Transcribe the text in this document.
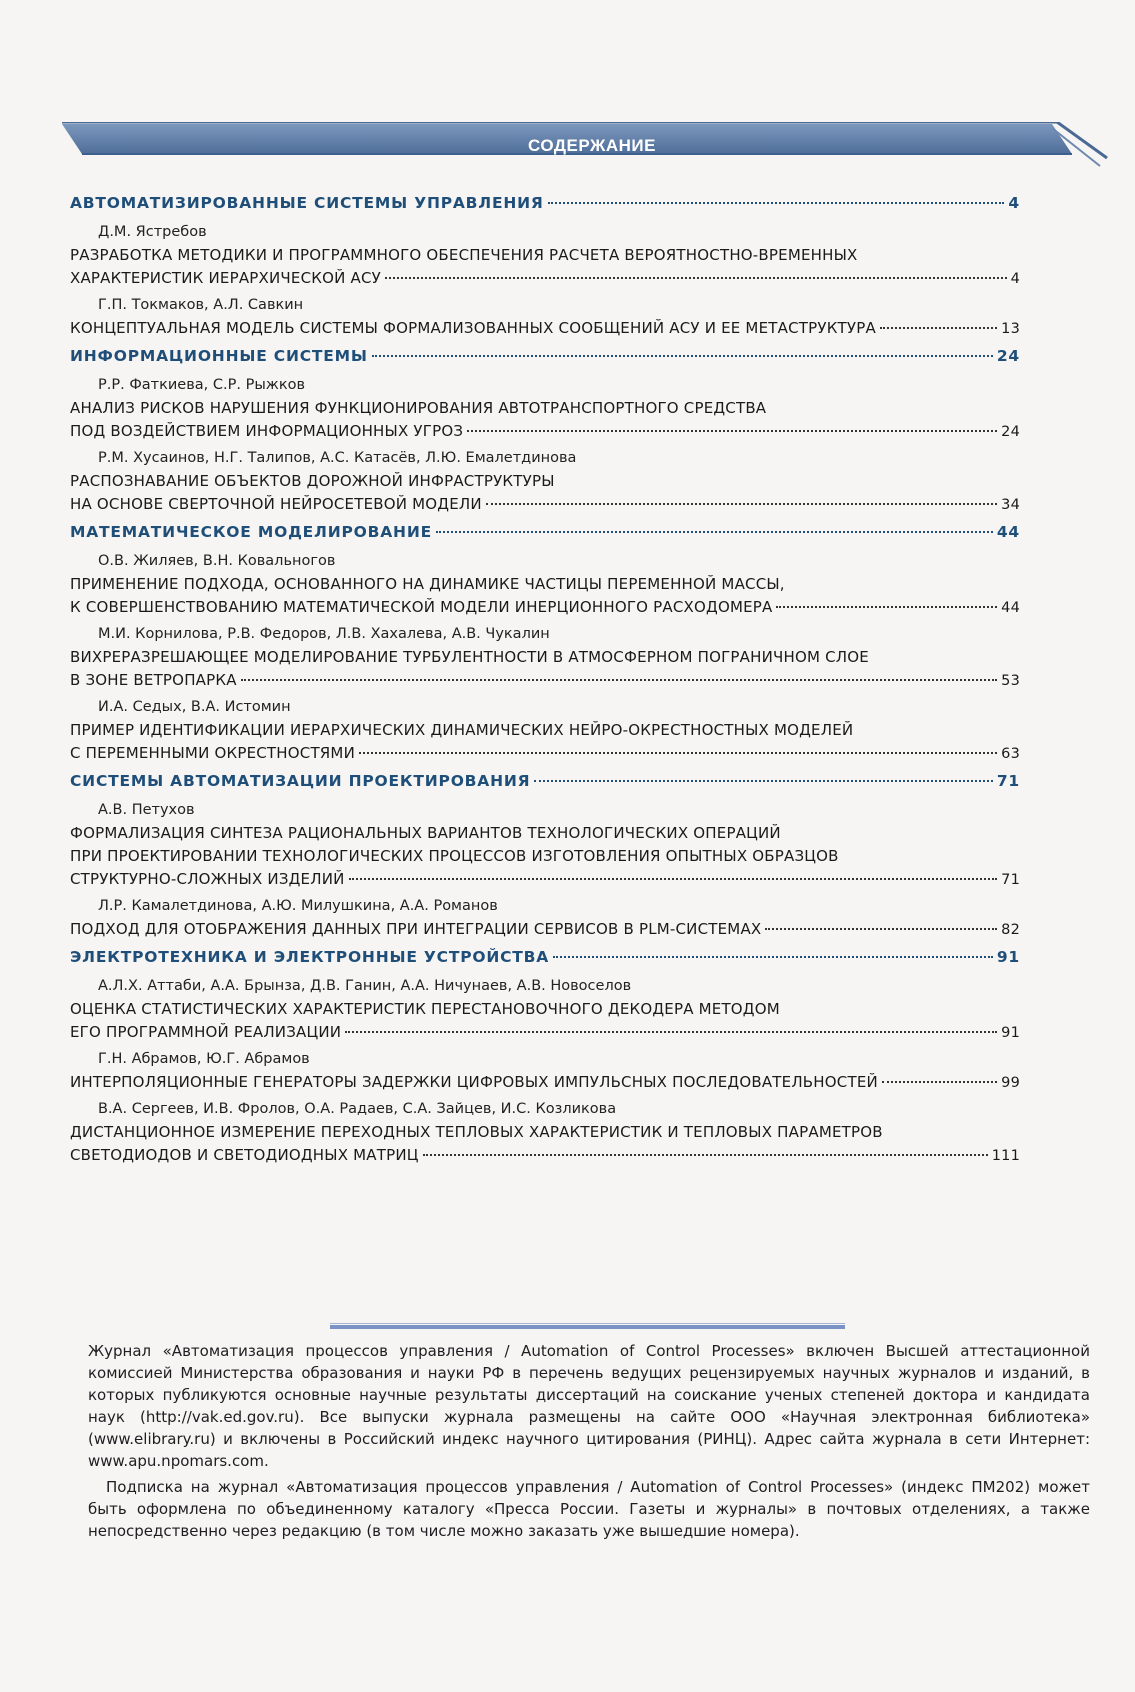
СОДЕРЖАНИЕ
АВТОМАТИЗИРОВАННЫЕ СИСТЕМЫ УПРАВЛЕНИЯ	4
Д.М. Ястребов
РАЗРАБОТКА МЕТОДИКИ И ПРОГРАММНОГО ОБЕСПЕЧЕНИЯ РАСЧЕТА ВЕРОЯТНОСТНО-ВРЕМЕННЫХ
ХАРАКТЕРИСТИК ИЕРАРХИЧЕСКОЙ АСУ	4
Г.П. Токмаков, А.Л. Савкин
КОНЦЕПТУАЛЬНАЯ МОДЕЛЬ СИСТЕМЫ ФОРМАЛИЗОВАННЫХ СООБЩЕНИЙ АСУ И ЕЕ МЕТАСТРУКТУРА	13
ИНФОРМАЦИОННЫЕ СИСТЕМЫ	24
Р.Р. Фаткиева, С.Р. Рыжков
АНАЛИЗ РИСКОВ НАРУШЕНИЯ ФУНКЦИОНИРОВАНИЯ АВТОТРАНСПОРТНОГО СРЕДСТВА
ПОД ВОЗДЕЙСТВИЕМ ИНФОРМАЦИОННЫХ УГРОЗ	24
Р.М. Хусаинов, Н.Г. Талипов, А.С. Катасёв, Л.Ю. Емалетдинова
РАСПОЗНАВАНИЕ ОБЪЕКТОВ ДОРОЖНОЙ ИНФРАСТРУКТУРЫ
НА ОСНОВЕ СВЕРТОЧНОЙ НЕЙРОСЕТЕВОЙ МОДЕЛИ	34
МАТЕМАТИЧЕСКОЕ МОДЕЛИРОВАНИЕ	44
О.В. Жиляев, В.Н. Ковальногов
ПРИМЕНЕНИЕ ПОДХОДА, ОСНОВАННОГО НА ДИНАМИКЕ ЧАСТИЦЫ ПЕРЕМЕННОЙ МАССЫ,
К СОВЕРШЕНСТВОВАНИЮ МАТЕМАТИЧЕСКОЙ МОДЕЛИ ИНЕРЦИОННОГО РАСХОДОМЕРА	44
М.И. Корнилова, Р.В. Федоров, Л.В. Хахалева, А.В. Чукалин
ВИХРЕРАЗРЕШАЮЩЕЕ МОДЕЛИРОВАНИЕ ТУРБУЛЕНТНОСТИ В АТМОСФЕРНОМ ПОГРАНИЧНОМ СЛОЕ
В ЗОНЕ ВЕТРОПАРКА	53
И.А. Седых, В.А. Истомин
ПРИМЕР ИДЕНТИФИКАЦИИ ИЕРАРХИЧЕСКИХ ДИНАМИЧЕСКИХ НЕЙРО-ОКРЕСТНОСТНЫХ МОДЕЛЕЙ
С ПЕРЕМЕННЫМИ ОКРЕСТНОСТЯМИ	63
СИСТЕМЫ АВТОМАТИЗАЦИИ ПРОЕКТИРОВАНИЯ	71
А.В. Петухов
ФОРМАЛИЗАЦИЯ СИНТЕЗА РАЦИОНАЛЬНЫХ ВАРИАНТОВ ТЕХНОЛОГИЧЕСКИХ ОПЕРАЦИЙ
ПРИ ПРОЕКТИРОВАНИИ ТЕХНОЛОГИЧЕСКИХ ПРОЦЕССОВ ИЗГОТОВЛЕНИЯ ОПЫТНЫХ ОБРАЗЦОВ
СТРУКТУРНО-СЛОЖНЫХ ИЗДЕЛИЙ	71
Л.Р. Камалетдинова, А.Ю. Милушкина, А.А. Романов
ПОДХОД ДЛЯ ОТОБРАЖЕНИЯ ДАННЫХ ПРИ ИНТЕГРАЦИИ СЕРВИСОВ В PLM-СИСТЕМАХ	82
ЭЛЕКТРОТЕХНИКА И ЭЛЕКТРОННЫЕ УСТРОЙСТВА	91
А.Л.Х. Аттаби, А.А. Брынза, Д.В. Ганин, А.А. Ничунаев, А.В. Новоселов
ОЦЕНКА СТАТИСТИЧЕСКИХ ХАРАКТЕРИСТИК ПЕРЕСТАНОВОЧНОГО ДЕКОДЕРА МЕТОДОМ
ЕГО ПРОГРАММНОЙ РЕАЛИЗАЦИИ	91
Г.Н. Абрамов, Ю.Г. Абрамов
ИНТЕРПОЛЯЦИОННЫЕ ГЕНЕРАТОРЫ ЗАДЕРЖКИ ЦИФРОВЫХ ИМПУЛЬСНЫХ ПОСЛЕДОВАТЕЛЬНОСТЕЙ	99
В.А. Сергеев, И.В. Фролов, О.А. Радаев, С.А. Зайцев, И.С. Козликова
ДИСТАНЦИОННОЕ ИЗМЕРЕНИЕ ПЕРЕХОДНЫХ ТЕПЛОВЫХ ХАРАКТЕРИСТИК И ТЕПЛОВЫХ ПАРАМЕТРОВ
СВЕТОДИОДОВ И СВЕТОДИОДНЫХ МАТРИЦ	111

Журнал «Автоматизация процессов управления / Automation of Control Processes» включен Высшей аттестационной комиссией Министерства образования и науки РФ в перечень ведущих рецензируемых научных журналов и изданий, в которых публикуются основные научные результаты диссертаций на соискание ученых степеней доктора и кандидата наук (http://vak.ed.gov.ru). Все выпуски журнала размещены на сайте ООО «Научная электронная библиотека» (www.elibrary.ru) и включены в Российский индекс научного цитирования (РИНЦ). Адрес сайта журнала в сети Интернет: www.apu.npomars.com.

Подписка на журнал «Автоматизация процессов управления / Automation of Control Processes» (индекс ПМ202) может быть оформлена по объединенному каталогу «Пресса России. Газеты и журналы» в почтовых отделениях, а также непосредственно через редакцию (в том числе можно заказать уже вышедшие номера).
